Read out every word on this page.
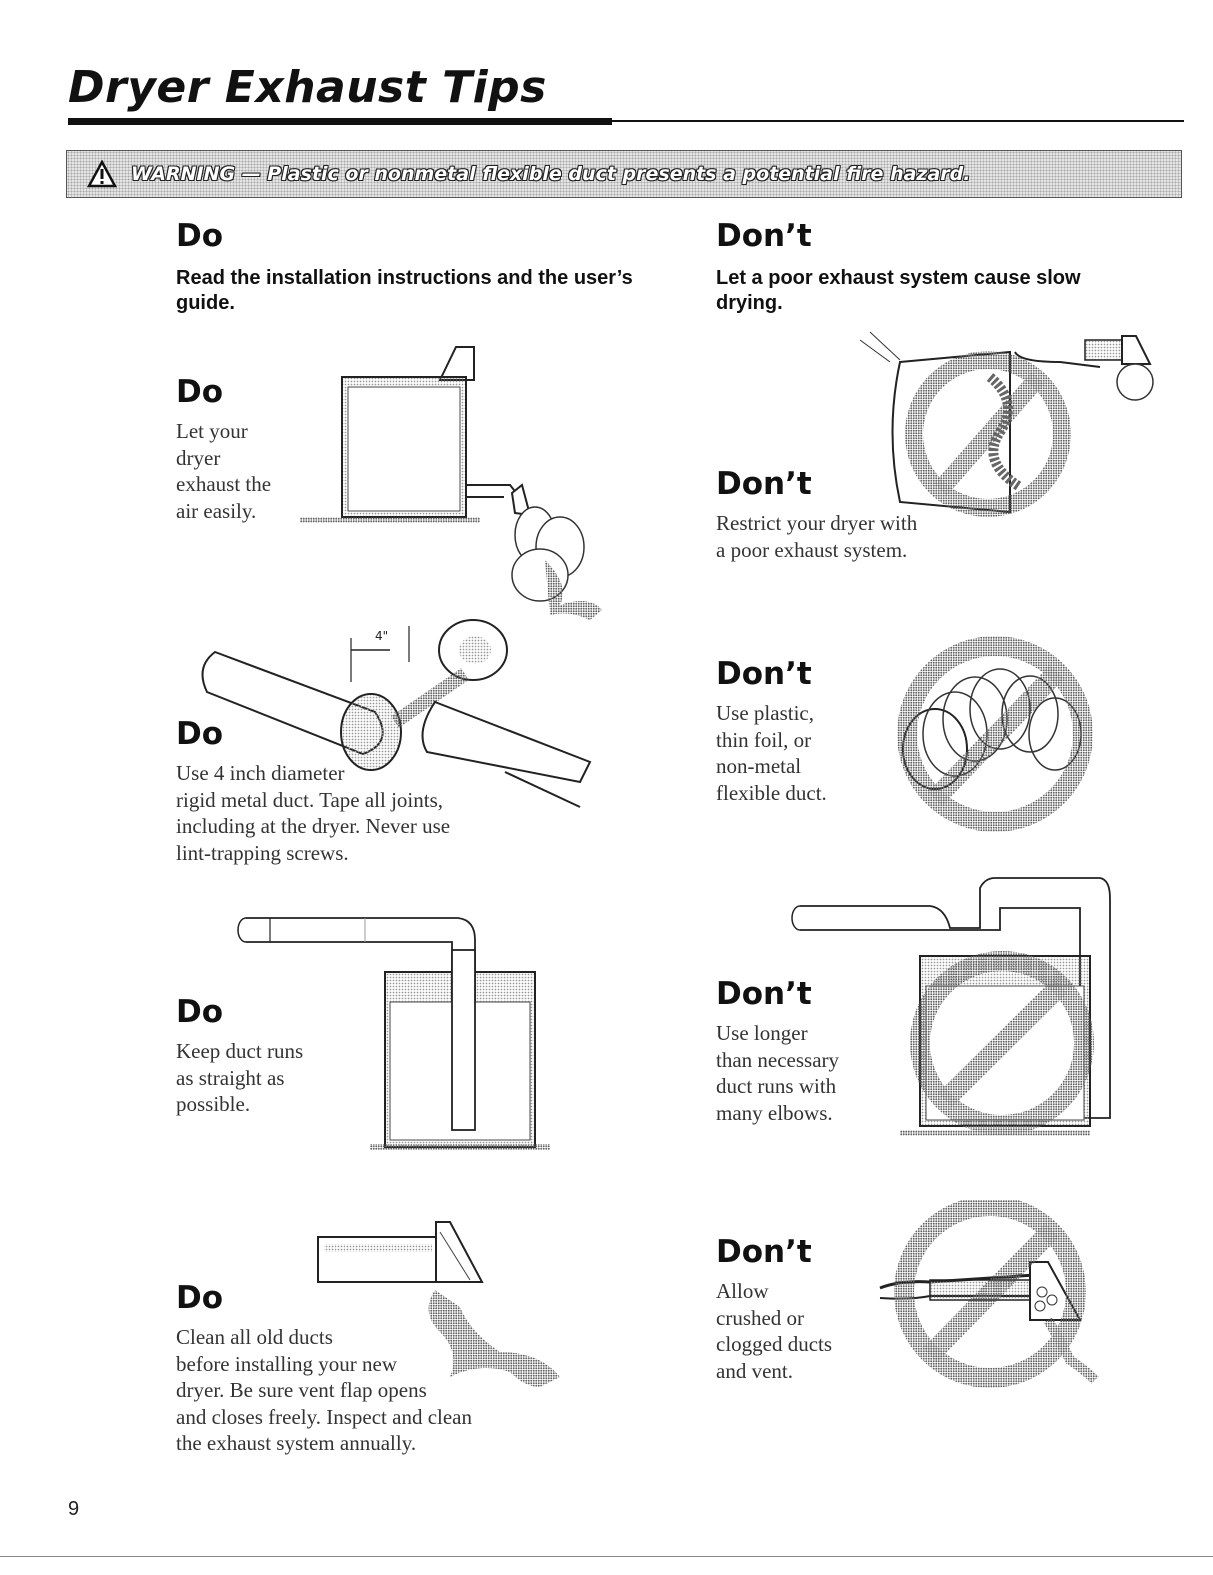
Dryer Exhaust Tips
WARNING — Plastic or nonmetal flexible duct presents a potential fire hazard.
Do

Read the installation instructions and the user’s guide.

Don’t

Let a poor exhaust system cause slow drying.

Do

Let your
dryer
exhaust the
air easily.

Don’t

Restrict your dryer with
a poor exhaust system.

4"
Do

Use 4 inch diameter
rigid metal duct. Tape all joints,
including at the dryer. Never use
lint-trapping screws.

Don’t

Use plastic,
thin foil, or
non-metal
flexible duct.

Do

Keep duct runs
as straight as
possible.

Don’t

Use longer
than necessary
duct runs with
many elbows.

Do

Clean all old ducts
before installing your new
dryer. Be sure vent flap opens
and closes freely. Inspect and clean
the exhaust system annually.

Don’t

Allow
crushed or
clogged ducts
and vent.

9
